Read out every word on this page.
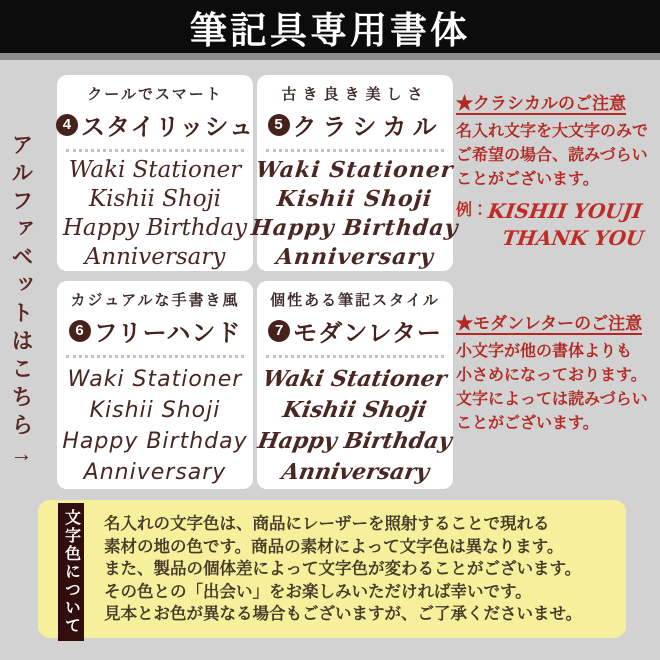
筆記具専用書体
アルファベットはこちら→
クールでスマート
4 スタイリッシュ
Waki Stationer
Kishii Shoji
Happy Birthday
Anniversary
古き良き美しさ
5 クラシカル
Waki Stationer
Kishii Shoji
Happy Birthday
Anniversary
カジュアルな手書き風
6 フリーハンド
Waki Stationer
Kishii Shoji
Happy Birthday
Anniversary
個性ある筆記スタイル
7 モダンレター
Waki Stationer
Kishii Shoji
Happy Birthday
Anniversary
★クラシカルのご注意
名入れ文字を大文字のみで
ご希望の場合、読みづらい
ことがございます。
例：
KISHII YOUJI
THANK YOU
★モダンレターのご注意
小文字が他の書体よりも
小さめになっております。
文字によっては読みづらい
ことがございます。
文字色について 名入れの文字色は、商品にレーザーを照射することで現れる
素材の地の色です。商品の素材によって文字色は異なります。
また、製品の個体差によって文字色が変わることがございます。
その色との「出会い」をお楽しみいただければ幸いです。
見本とお色が異なる場合もございますが、ご了承くださいませ。
